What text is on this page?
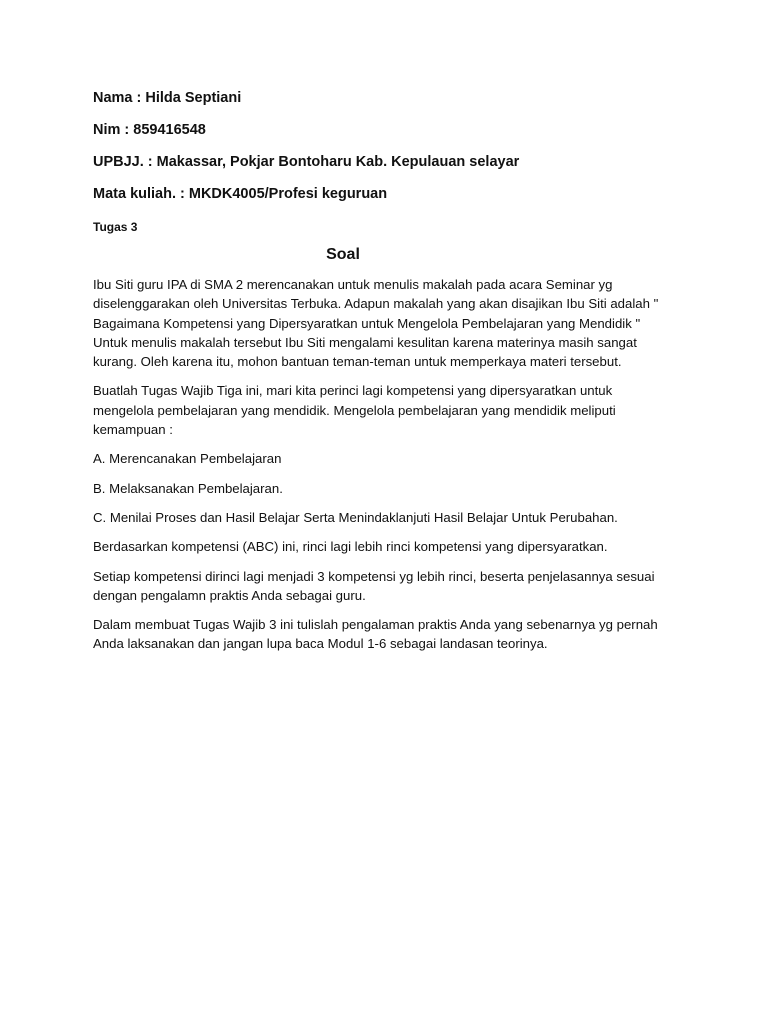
Nama : Hilda Septiani
Nim : 859416548
UPBJJ. : Makassar, Pokjar Bontoharu Kab. Kepulauan selayar
Mata kuliah. : MKDK4005/Profesi keguruan
Tugas 3
Soal

Ibu Siti guru IPA di SMA 2 merencanakan untuk menulis makalah pada acara Seminar yg diselenggarakan oleh Universitas Terbuka. Adapun makalah yang akan disajikan Ibu Siti adalah " Bagaimana Kompetensi yang Dipersyaratkan untuk Mengelola Pembelajaran yang Mendidik " Untuk menulis makalah tersebut Ibu Siti mengalami kesulitan karena materinya masih sangat kurang. Oleh karena itu, mohon bantuan teman-teman untuk memperkaya materi tersebut.

Buatlah Tugas Wajib Tiga ini, mari kita perinci lagi kompetensi yang dipersyaratkan untuk mengelola pembelajaran yang mendidik. Mengelola pembelajaran yang mendidik meliputi kemampuan :

A. Merencanakan Pembelajaran

B. Melaksanakan Pembelajaran.

C. Menilai Proses dan Hasil Belajar Serta Menindaklanjuti Hasil Belajar Untuk Perubahan.

Berdasarkan kompetensi (ABC) ini, rinci lagi lebih rinci kompetensi yang dipersyaratkan.

Setiap kompetensi dirinci lagi menjadi 3 kompetensi yg lebih rinci, beserta penjelasannya sesuai dengan pengalamn praktis Anda sebagai guru.

Dalam membuat Tugas Wajib 3 ini tulislah pengalaman praktis Anda yang sebenarnya yg pernah Anda laksanakan dan jangan lupa baca Modul 1-6 sebagai landasan teorinya.
